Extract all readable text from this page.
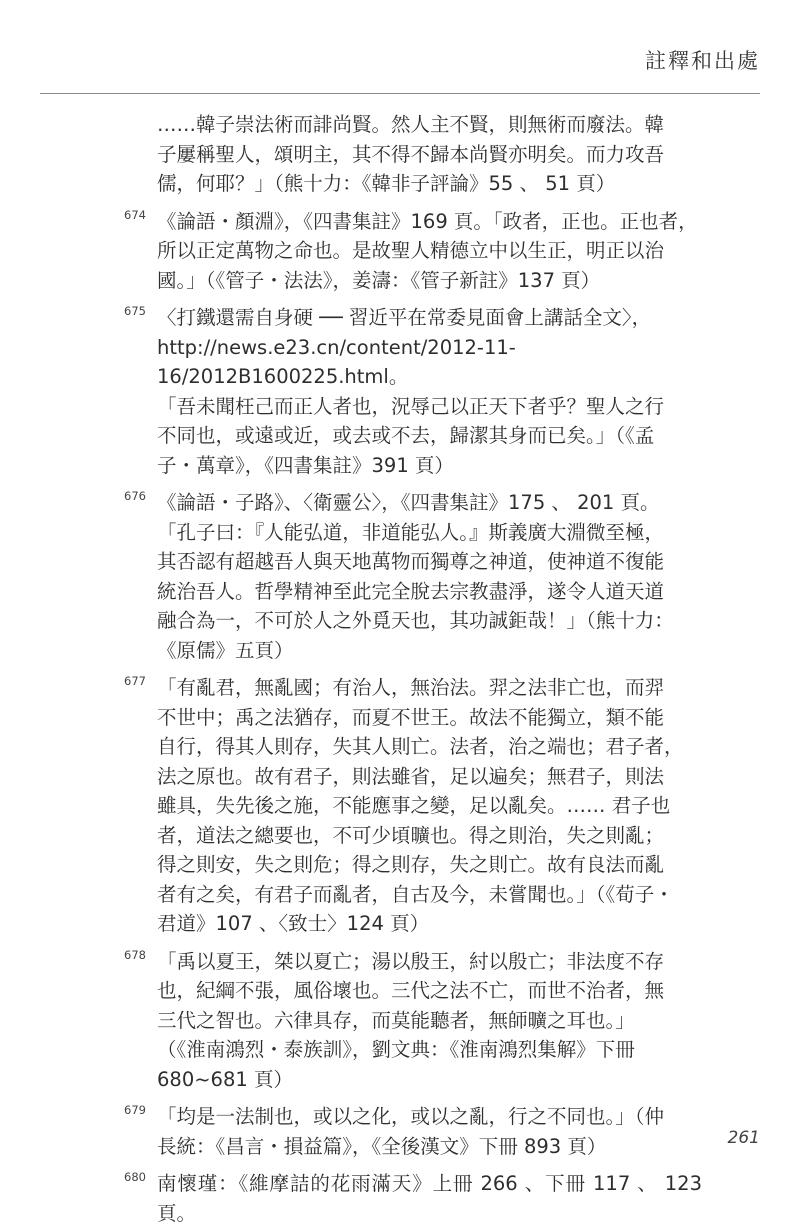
註釋和出處

……韓子崇法術而誹尚賢。然人主不賢，則無術而廢法。韓
子屢稱聖人，頌明主，其不得不歸本尚賢亦明矣。而力攻吾
儒，何耶？」（熊十力：《韓非子評論》55 、 51 頁）

674 《論語・顏淵》，《四書集註》169 頁。「政者，正也。正也者，
所以正定萬物之命也。是故聖人精德立中以生正，明正以治
國。」（《管子・法法》，姜濤：《管子新註》137 頁）

675 〈打鐵還需自身硬 ── 習近平在常委見面會上講話全文〉，
http://news.e23.cn/content/2012-11-16/2012B1600225.html。
「吾未聞枉己而正人者也，況辱己以正天下者乎？聖人之行
不同也，或遠或近，或去或不去，歸潔其身而已矣。」（《孟
子・萬章》，《四書集註》391 頁）

676 《論語・子路》、〈衛靈公〉，《四書集註》175 、 201 頁。
「孔子曰：『人能弘道，非道能弘人。』斯義廣大淵微至極，
其否認有超越吾人與天地萬物而獨尊之神道，使神道不復能
統治吾人。哲學精神至此完全脫去宗教盡淨，遂令人道天道
融合為一，不可於人之外覓天也，其功誠鉅哉！」（熊十力：
《原儒》五頁）

677 「有亂君，無亂國；有治人，無治法。羿之法非亡也，而羿
不世中；禹之法猶存，而夏不世王。故法不能獨立，類不能
自行，得其人則存，失其人則亡。法者，治之端也；君子者，
法之原也。故有君子，則法雖省，足以遍矣；無君子，則法
雖具，失先後之施，不能應事之變，足以亂矣。…… 君子也
者，道法之總要也，不可少頃曠也。得之則治，失之則亂；
得之則安，失之則危；得之則存，失之則亡。故有良法而亂
者有之矣，有君子而亂者，自古及今，未嘗聞也。」（《荀子・
君道》107 、〈致士〉124 頁）

678 「禹以夏王，桀以夏亡；湯以殷王，紂以殷亡；非法度不存
也，紀綱不張，風俗壞也。三代之法不亡，而世不治者，無
三代之智也。六律具存，而莫能聽者，無師曠之耳也。」
（《淮南鴻烈・泰族訓》，劉文典：《淮南鴻烈集解》下冊
680~681 頁）

679 「均是一法制也，或以之化，或以之亂，行之不同也。」（仲
長統：《昌言・損益篇》，《全後漢文》下冊 893 頁）

680 南懷瑾：《維摩詰的花雨滿天》上冊 266 、下冊 117 、 123 頁。

261
